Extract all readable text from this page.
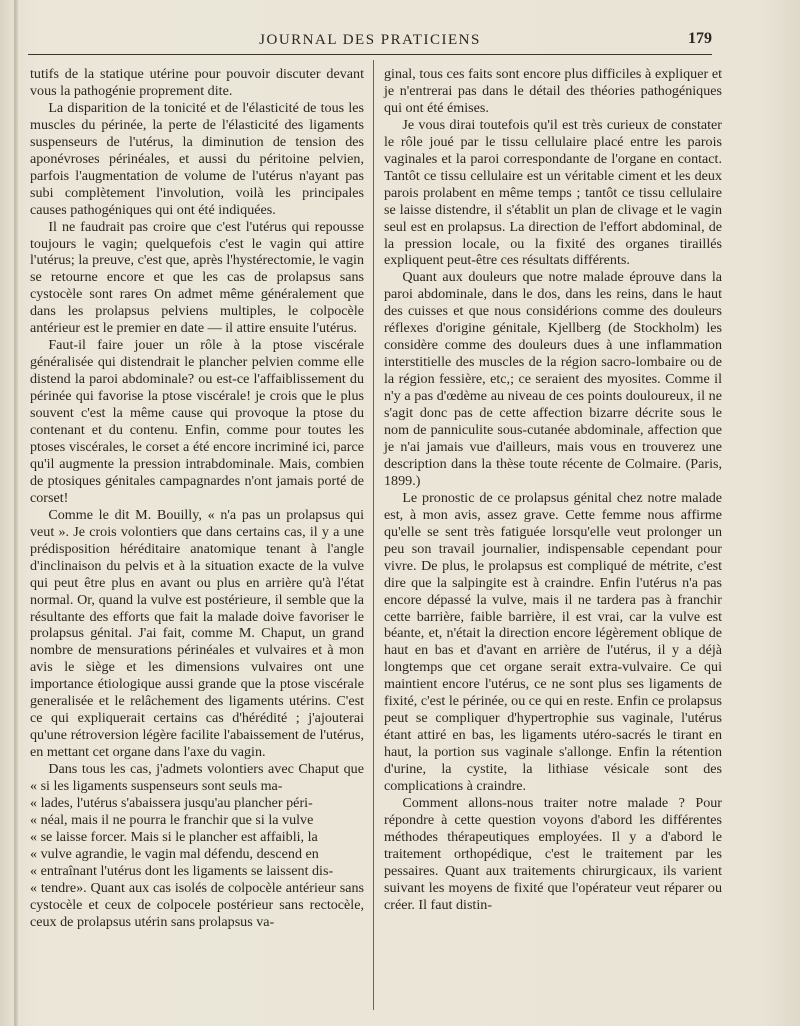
JOURNAL DES PRATICIENS	179

tutifs de la statique utérine pour pouvoir discuter devant vous la pathogénie proprement dite.

La disparition de la tonicité et de l'élasticité de tous les muscles du périnée, la perte de l'élasticité des ligaments suspenseurs de l'utérus, la diminution de tension des aponévroses périnéales, et aussi du péritoine pelvien, parfois l'augmentation de volume de l'utérus n'ayant pas subi complètement l'involution, voilà les principales causes pathogéniques qui ont été indiquées.

Il ne faudrait pas croire que c'est l'utérus qui repousse toujours le vagin; quelquefois c'est le vagin qui attire l'utérus; la preuve, c'est que, après l'hystérectomie, le vagin se retourne encore et que les cas de prolapsus sans cystocèle sont rares On admet même généralement que dans les prolapsus pelviens multiples, le colpocèle antérieur est le premier en date — il attire ensuite l'utérus.

Faut-il faire jouer un rôle à la ptose viscérale généralisée qui distendrait le plancher pelvien comme elle distend la paroi abdominale? ou est-ce l'affaiblissement du périnée qui favorise la ptose viscérale! je crois que le plus souvent c'est la même cause qui provoque la ptose du contenant et du contenu. Enfin, comme pour toutes les ptoses viscérales, le corset a été encore incriminé ici, parce qu'il augmente la pression intrabdominale. Mais, combien de ptosiques génitales campagnardes n'ont jamais porté de corset!

Comme le dit M. Bouilly, « n'a pas un prolapsus qui veut ». Je crois volontiers que dans certains cas, il y a une prédisposition héréditaire anatomique tenant à l'angle d'inclinaison du pelvis et à la situation exacte de la vulve qui peut être plus en avant ou plus en arrière qu'à l'état normal. Or, quand la vulve est postérieure, il semble que la résultante des efforts que fait la malade doive favoriser le prolapsus génital. J'ai fait, comme M. Chaput, un grand nombre de mensurations périnéales et vulvaires et à mon avis le siège et les dimensions vulvaires ont une importance étiologique aussi grande que la ptose viscérale generalisée et le relâchement des ligaments utérins. C'est ce qui expliquerait certains cas d'hérédité ; j'ajouterai qu'une rétroversion légère facilite l'abaissement de l'utérus, en mettant cet organe dans l'axe du vagin.

Dans tous les cas, j'admets volontiers avec Chaput que « si les ligaments suspenseurs sont seuls ma-

« lades, l'utérus s'abaissera jusqu'au plancher péri-

« néal, mais il ne pourra le franchir que si la vulve

« se laisse forcer. Mais si le plancher est affaibli, la

« vulve agrandie, le vagin mal défendu, descend en

« entraînant l'utérus dont les ligaments se laissent dis-

« tendre». Quant aux cas isolés de colpocèle antérieur sans cystocèle et ceux de colpocele postérieur sans rectocèle, ceux de prolapsus utérin sans prolapsus va-

ginal, tous ces faits sont encore plus difficiles à expliquer et je n'entrerai pas dans le détail des théories pathogéniques qui ont été émises.

Je vous dirai toutefois qu'il est très curieux de constater le rôle joué par le tissu cellulaire placé entre les parois vaginales et la paroi correspondante de l'organe en contact. Tantôt ce tissu cellulaire est un véritable ciment et les deux parois prolabent en même temps ; tantôt ce tissu cellulaire se laisse distendre, il s'établit un plan de clivage et le vagin seul est en prolapsus. La direction de l'effort abdominal, de la pression locale, ou la fixité des organes tiraillés expliquent peut-être ces résultats différents.

Quant aux douleurs que notre malade éprouve dans la paroi abdominale, dans le dos, dans les reins, dans le haut des cuisses et que nous considérions comme des douleurs réflexes d'origine génitale, Kjellberg (de Stockholm) les considère comme des douleurs dues à une inflammation interstitielle des muscles de la région sacro-lombaire ou de la région fessière, etc,; ce seraient des myosites. Comme il n'y a pas d'œdème au niveau de ces points douloureux, il ne s'agit donc pas de cette affection bizarre décrite sous le nom de panniculite sous-cutanée abdominale, affection que je n'ai jamais vue d'ailleurs, mais vous en trouverez une description dans la thèse toute récente de Colmaire. (Paris, 1899.)

Le pronostic de ce prolapsus génital chez notre malade est, à mon avis, assez grave. Cette femme nous affirme qu'elle se sent très fatiguée lorsqu'elle veut prolonger un peu son travail journalier, indispensable cependant pour vivre. De plus, le prolapsus est compliqué de métrite, c'est dire que la salpingite est à craindre. Enfin l'utérus n'a pas encore dépassé la vulve, mais il ne tardera pas à franchir cette barrière, faible barrière, il est vrai, car la vulve est béante, et, n'était la direction encore légèrement oblique de haut en bas et d'avant en arrière de l'utérus, il y a déjà longtemps que cet organe serait extra-vulvaire. Ce qui maintient encore l'utérus, ce ne sont plus ses ligaments de fixité, c'est le périnée, ou ce qui en reste. Enfin ce prolapsus peut se compliquer d'hypertrophie sus vaginale, l'utérus étant attiré en bas, les ligaments utéro-sacrés le tirant en haut, la portion sus vaginale s'allonge. Enfin la rétention d'urine, la cystite, la lithiase vésicale sont des complications à craindre.

Comment allons-nous traiter notre malade ? Pour répondre à cette question voyons d'abord les différentes méthodes thérapeutiques employées. Il y a d'abord le traitement orthopédique, c'est le traitement par les pessaires. Quant aux traitements chirurgicaux, ils varient suivant les moyens de fixité que l'opérateur veut réparer ou créer. Il faut distin-
